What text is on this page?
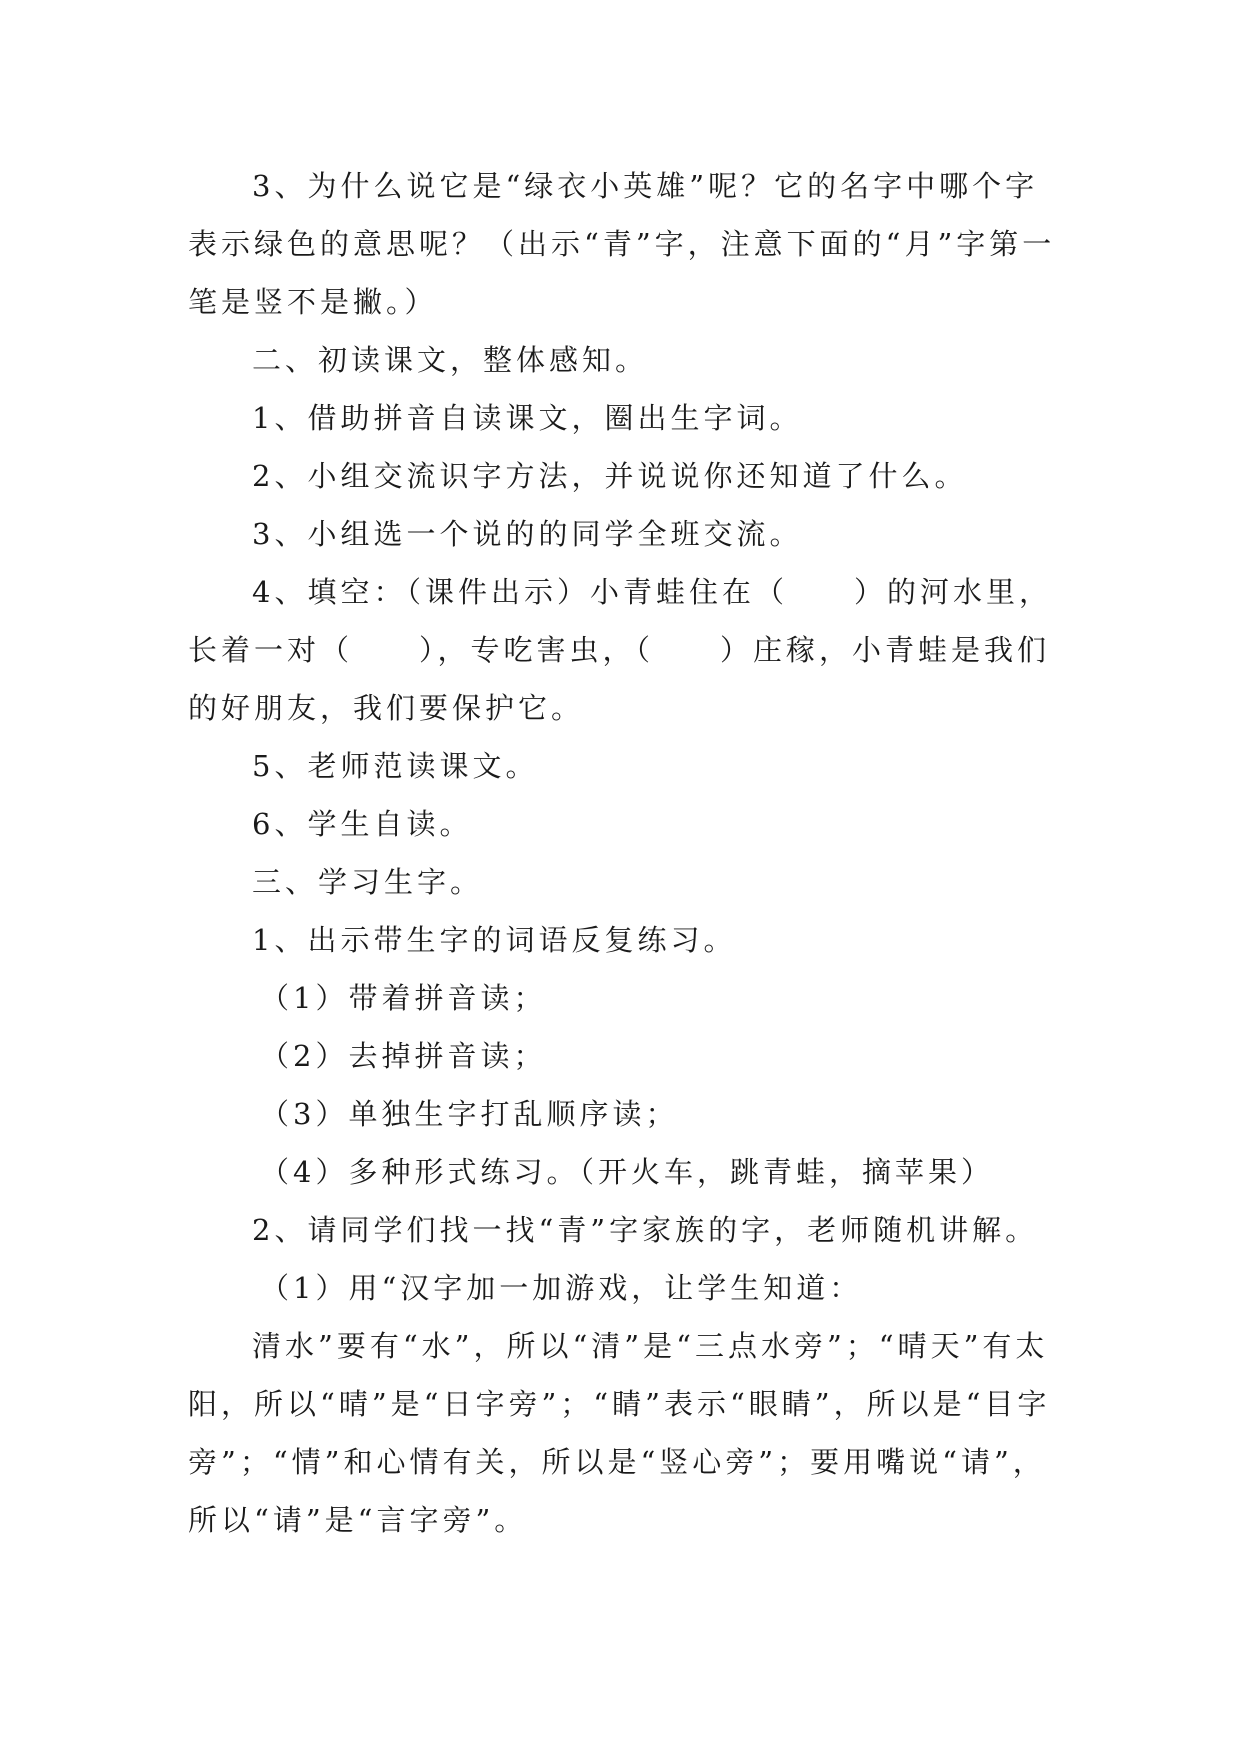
3、为什么说它是“绿衣小英雄”呢？它的名字中哪个字表示绿色的意思呢？（出示“青”字，注意下面的“月”字第一笔是竖不是撇。）

二、初读课文，整体感知。

1、借助拼音自读课文，圈出生字词。

2、小组交流识字方法，并说说你还知道了什么。

3、小组选一个说的的同学全班交流。

4、填空：（课件出示）小青蛙住在（　　）的河水里，长着一对（　　），专吃害虫，（　　）庄稼，小青蛙是我们的好朋友，我们要保护它。

5、老师范读课文。

6、学生自读。

三、学习生字。

1、出示带生字的词语反复练习。

（1）带着拼音读；

（2）去掉拼音读；

（3）单独生字打乱顺序读；

（4）多种形式练习。（开火车，跳青蛙，摘苹果）

2、请同学们找一找“青”字家族的字，老师随机讲解。

（1）用“汉字加一加游戏，让学生知道：

清水”要有“水”，所以“清”是“三点水旁”；“晴天”有太阳，所以“晴”是“日字旁”；“睛”表示“眼睛”，所以是“目字旁”；“情”和心情有关，所以是“竖心旁”；要用嘴说“请”，所以“请”是“言字旁”。
